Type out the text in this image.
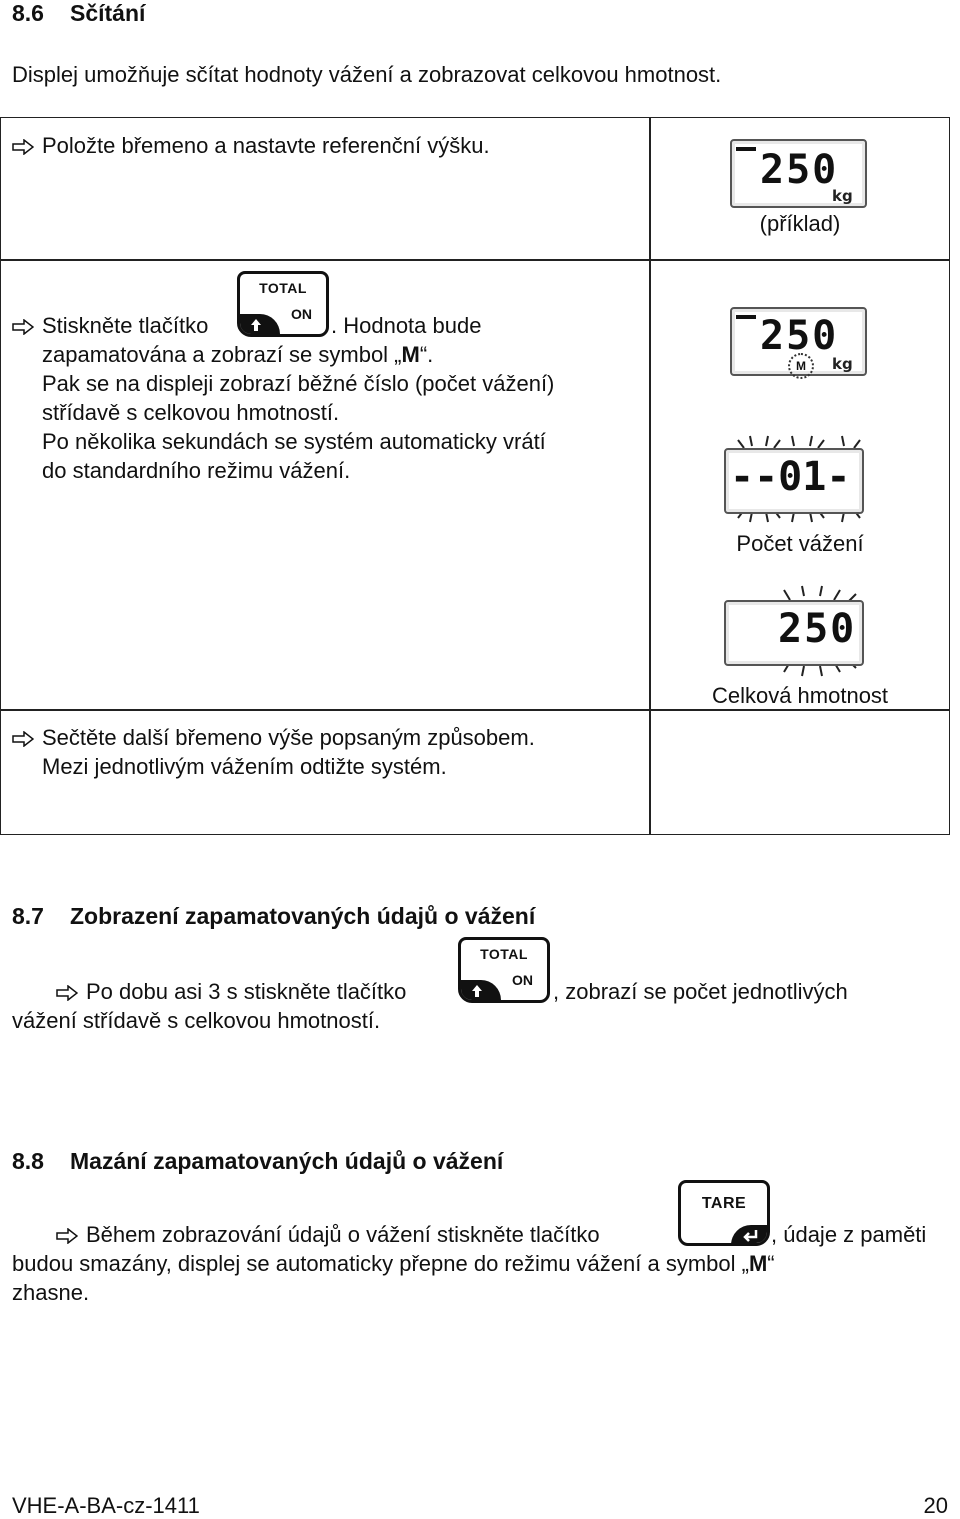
8.6 Sčítání
Displej umožňuje sčítat hodnoty vážení a zobrazovat celkovou hmotnost.
Položte břemeno a nastavte referenční výšku.
250
kg
(příklad)
Stiskněte tlačítko
TOTAL
ON . Hodnota bude
zapamatována a zobrazí se symbol „M“.
Pak se na displeji zobrazí běžné číslo (počet vážení)
střídavě s celkovou hmotností.
Po několika sekundách se systém automaticky vrátí
do standardního režimu vážení.
250
M	kg
--01-
Počet vážení
250
Celková hmotnost
Sečtěte další břemeno výše popsaným způsobem.
Mezi jednotlivým vážením odtižte systém.
8.7 Zobrazení zapamatovaných údajů o vážení
Po dobu asi 3 s stiskněte tlačítko
TOTAL
ON , zobrazí se počet jednotlivých
vážení střídavě s celkovou hmotností.
8.8 Mazání zapamatovaných údajů o vážení
Během zobrazování údajů o vážení stiskněte tlačítko
TARE
, údaje z paměti
budou smazány, displej se automaticky přepne do režimu vážení a symbol „M“
zhasne.
VHE-A-BA-cz-1411	20
